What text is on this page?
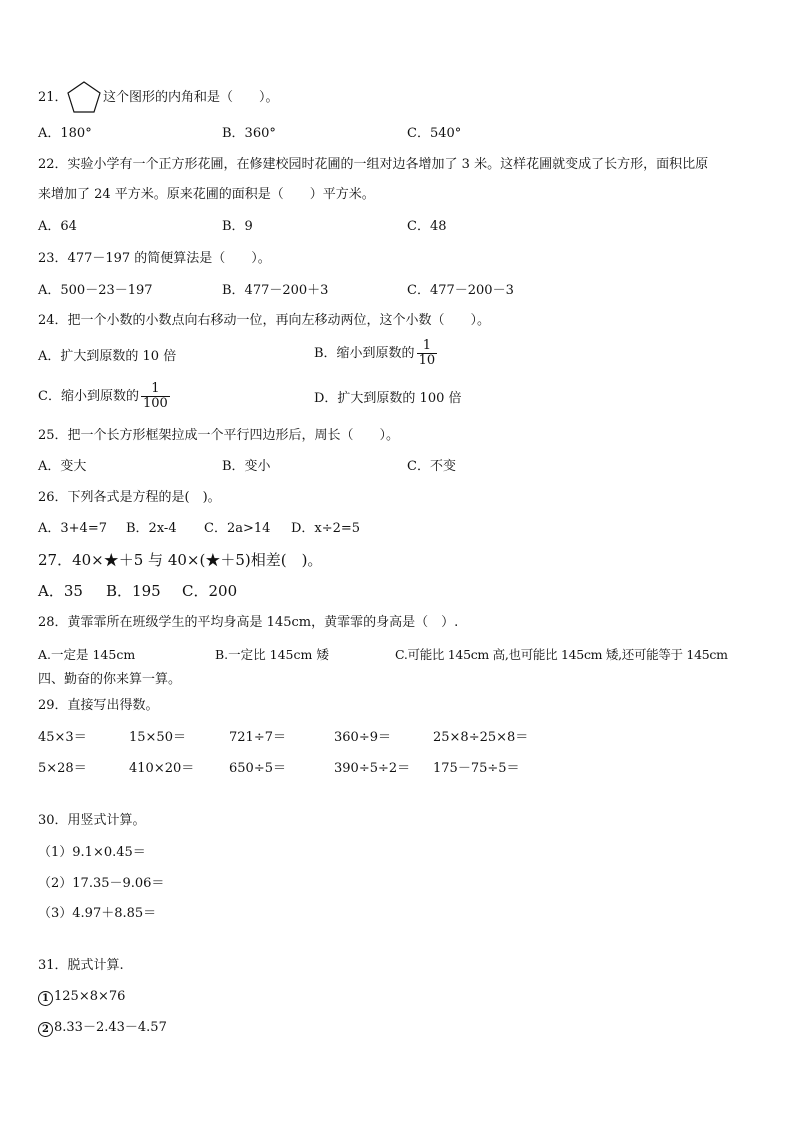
21．	这个图形的内角和是（　　）。
A．180°	B．360°	C．540°
22．实验小学有一个正方形花圃，在修建校园时花圃的一组对边各增加了 3 米。这样花圃就变成了长方形，面积比原
来增加了 24 平方米。原来花圃的面积是（　　）平方米。
A．64	B．9	C．48
23．477－197 的简便算法是（　　）。
A．500－23－197	B．477－200＋3	C．477－200－3
24．把一个小数的小数点向右移动一位，再向左移动两位，这个小数（　　）。
A．扩大到原数的 10 倍	B．缩小到原数的 $\frac{1}{10}$
C．缩小到原数的 $\frac{1}{100}$	D．扩大到原数的 100 倍
25．把一个长方形框架拉成一个平行四边形后，周长（　　）。
A．变大	B．变小	C．不变
26．下列各式是方程的是(　)。
A．3+4=7 B．2x-4 C．2a>14 D．x÷2=5
27．40×★＋5 与 40×(★＋5)相差(　)。
A．35 B．195 C．200
28．黄霏霏所在班级学生的平均身高是 145cm，黄霏霏的身高是（　）.
A.一定是 145cm	B.一定比 145cm 矮	C.可能比 145cm 高,也可能比 145cm 矮,还可能等于 145cm
四、勤奋的你来算一算。
29．直接写出得数。
45×3＝	15×50＝	721÷7＝	360÷9＝	25×8÷25×8＝
5×28＝	410×20＝	650÷5＝	390÷5÷2＝ 175－75÷5＝
30．用竖式计算。
（1）9.1×0.45＝
（2）17.35－9.06＝
（3）4.97＋8.85＝
31．脱式计算.
1 125×8×76
2 8.33－2.43－4.57
